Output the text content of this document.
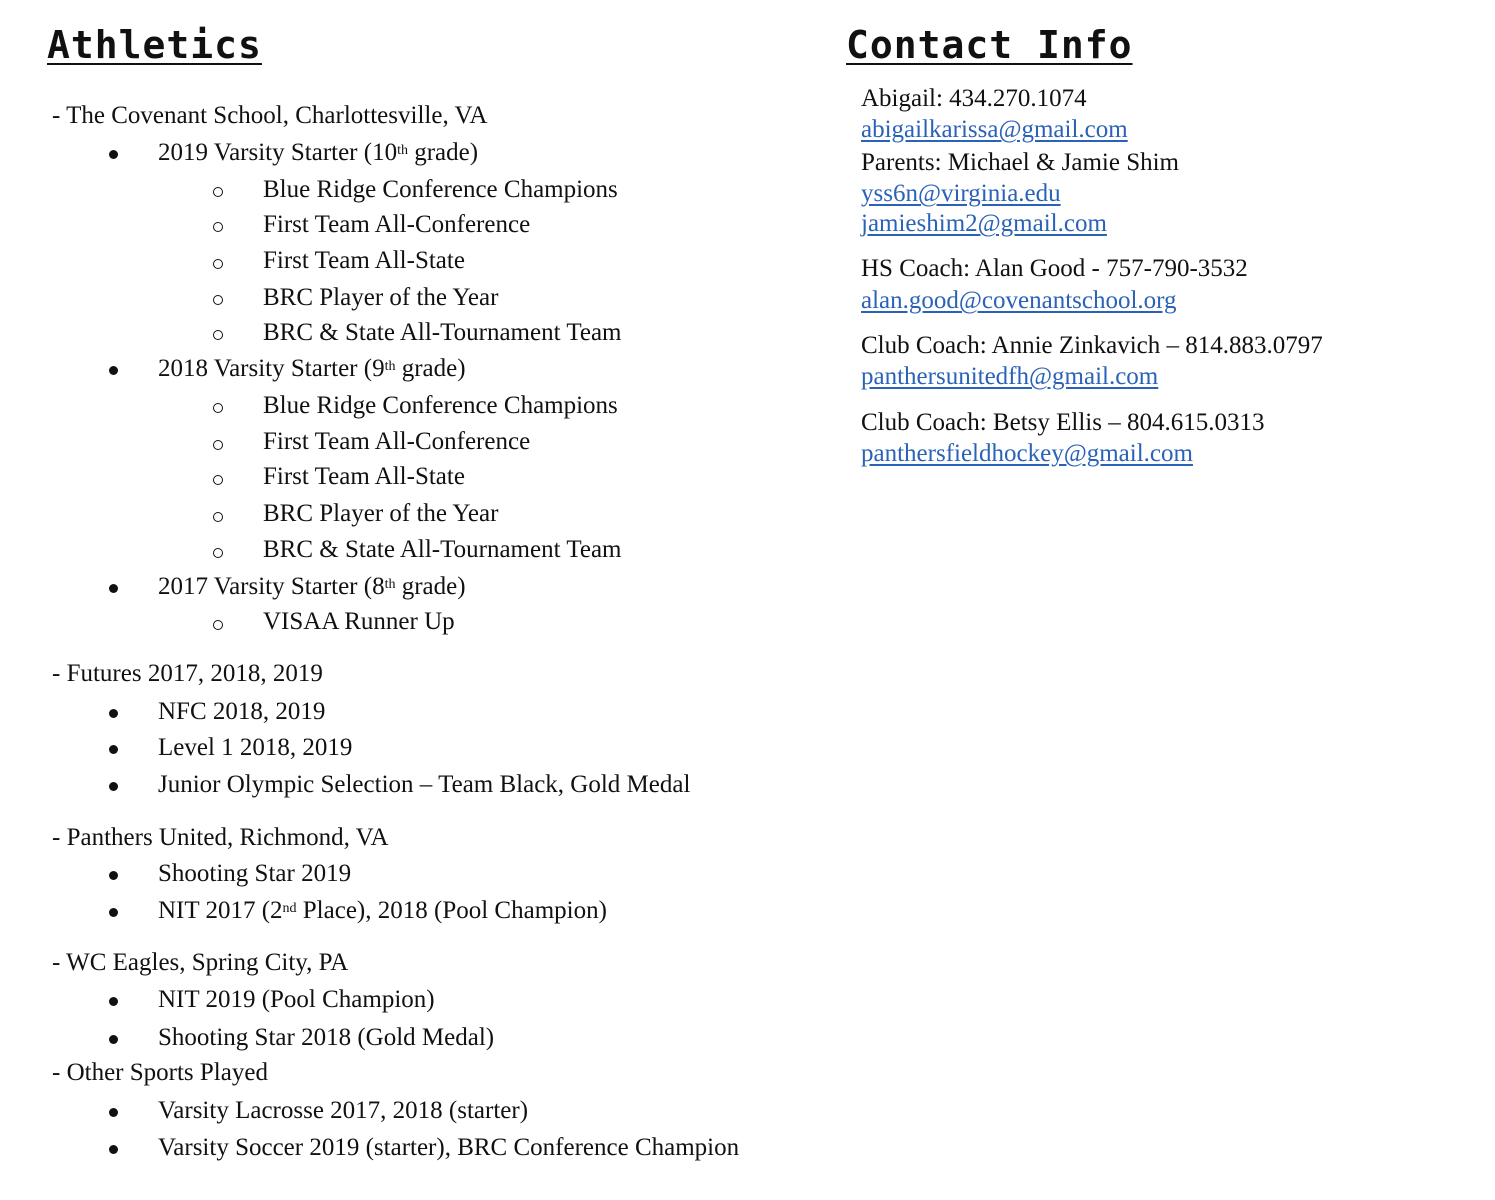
Athletics	Contact Info
- The Covenant School, Charlottesville, VA
2019 Varsity Starter (10th grade)
Blue Ridge Conference Champions
First Team All-Conference
First Team All-State
BRC Player of the Year
BRC & State All-Tournament Team
2018 Varsity Starter (9th grade)
Blue Ridge Conference Champions
First Team All-Conference
First Team All-State
BRC Player of the Year
BRC & State All-Tournament Team
2017 Varsity Starter (8th grade)
VISAA Runner Up
- Futures 2017, 2018, 2019
NFC 2018, 2019
Level 1 2018, 2019
Junior Olympic Selection – Team Black, Gold Medal
- Panthers United, Richmond, VA
Shooting Star 2019
NIT 2017 (2nd Place), 2018 (Pool Champion)
- WC Eagles, Spring City, PA
NIT 2019 (Pool Champion)
Shooting Star 2018 (Gold Medal)
- Other Sports Played
Varsity Lacrosse 2017, 2018 (starter)
Varsity Soccer 2019 (starter), BRC Conference Champion
Abigail: 434.270.1074
abigailkarissa@gmail.com
Parents: Michael & Jamie Shim
yss6n@virginia.edu
jamieshim2@gmail.com
HS Coach: Alan Good - 757-790-3532
alan.good@covenantschool.org
Club Coach: Annie Zinkavich – 814.883.0797
panthersunitedfh@gmail.com
Club Coach: Betsy Ellis – 804.615.0313
panthersfieldhockey@gmail.com
